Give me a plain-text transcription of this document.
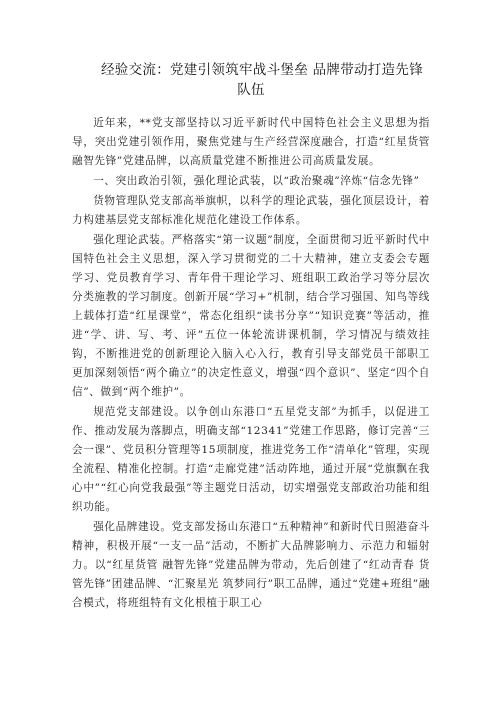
经验交流：党建引领筑牢战斗堡垒 品牌带动打造先锋
队伍

近年来，**党支部坚持以习近平新时代中国特色社会主义思想为指导，突出党建引领作用，聚焦党建与生产经营深度融合，打造“红星货管 融智先锋”党建品牌，以高质量党建不断推进公司高质量发展。

一、突出政治引领，强化理论武装，以“政治聚魂”淬炼“信念先锋”

货物管理队党支部高举旗帜，以科学的理论武装，强化顶层设计，着力构建基层党支部标准化规范化建设工作体系。

强化理论武装。严格落实“第一议题”制度，全面贯彻习近平新时代中国特色社会主义思想，深入学习贯彻党的二十大精神，建立支委会专题学习、党员教育学习、青年骨干理论学习、班组职工政治学习等分层次分类施教的学习制度。创新开展“学习+”机制，结合学习强国、知鸟等线上载体打造“红星课堂”，常态化组织“读书分享”“知识竞赛”等活动，推进“学、讲、写、考、评”五位一体轮流讲课机制，学习情况与绩效挂钩，不断推进党的创新理论入脑入心入行，教育引导支部党员干部职工更加深刻领悟“两个确立”的决定性意义，增强“四个意识”、坚定“四个自信”、做到“两个维护”。

规范党支部建设。以争创山东港口“五星党支部”为抓手，以促进工作、推动发展为落脚点，明确支部“12341”党建工作思路，修订完善“三会一课”、党员积分管理等15项制度，推进党务工作“清单化”管理，实现全流程、精准化控制。打造“走廊党建”活动阵地，通过开展“党旗飘在我心中”“红心向党我最强”等主题党日活动，切实增强党支部政治功能和组织功能。

强化品牌建设。党支部发扬山东港口“五种精神”和新时代日照港奋斗精神，积极开展“一支一品”活动，不断扩大品牌影响力、示范力和辐射力。以“红星货管 融智先锋”党建品牌为带动，先后创建了“红动青春 货管先锋”团建品牌、“汇聚星光 筑梦同行”职工品牌，通过“党建+班组”融合模式，将班组特有文化根植于职工心
